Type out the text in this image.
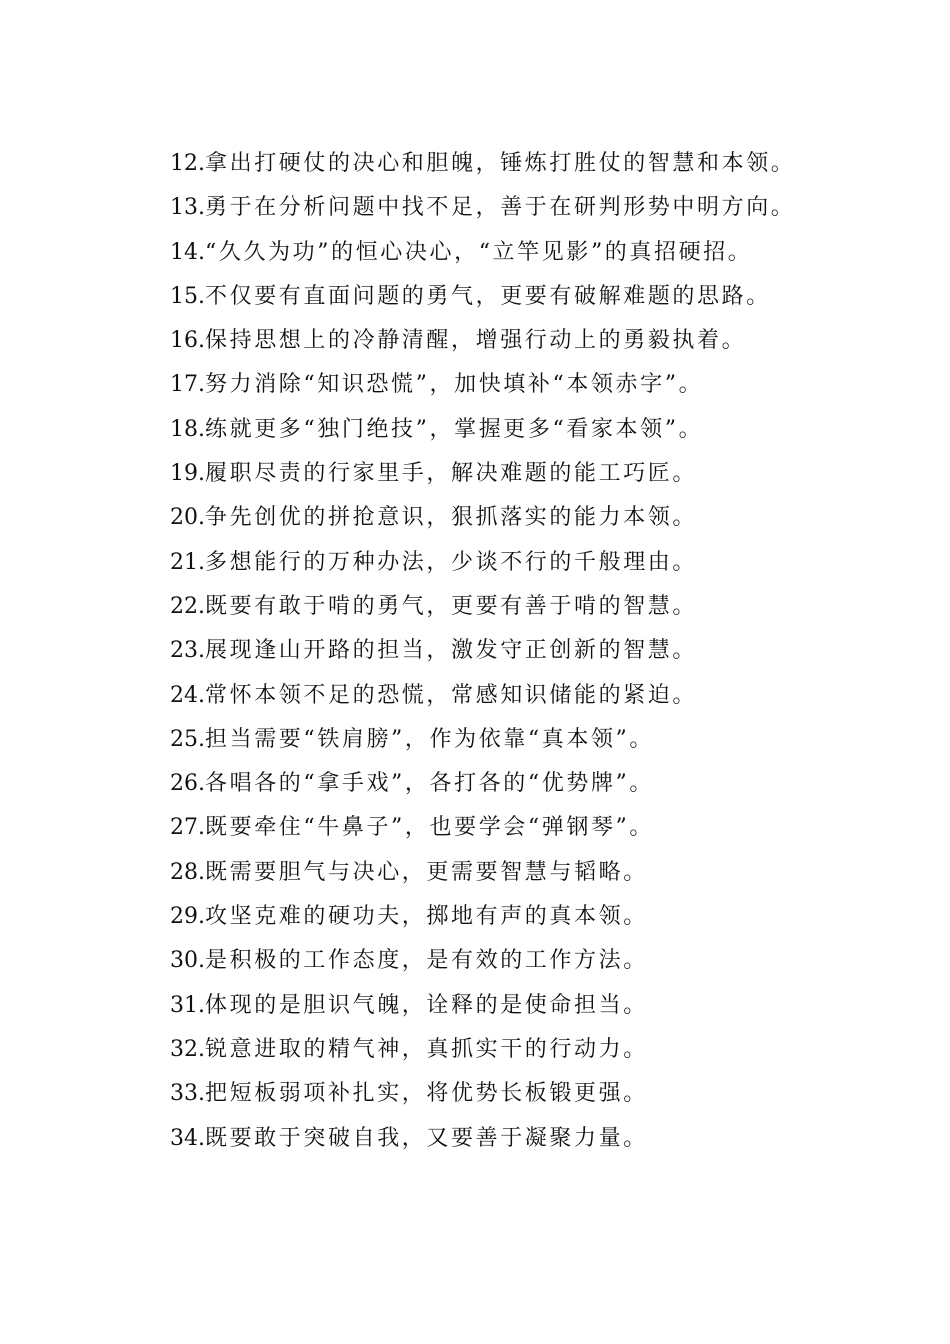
12.拿出打硬仗的决心和胆魄，锤炼打胜仗的智慧和本领。
13.勇于在分析问题中找不足，善于在研判形势中明方向。
14.“久久为功”的恒心决心，“立竿见影”的真招硬招。
15.不仅要有直面问题的勇气，更要有破解难题的思路。
16.保持思想上的冷静清醒，增强行动上的勇毅执着。
17.努力消除“知识恐慌”，加快填补“本领赤字”。
18.练就更多“独门绝技”，掌握更多“看家本领”。
19.履职尽责的行家里手，解决难题的能工巧匠。
20.争先创优的拼抢意识，狠抓落实的能力本领。
21.多想能行的万种办法，少谈不行的千般理由。
22.既要有敢于啃的勇气，更要有善于啃的智慧。
23.展现逢山开路的担当，激发守正创新的智慧。
24.常怀本领不足的恐慌，常感知识储能的紧迫。
25.担当需要“铁肩膀”，作为依靠“真本领”。
26.各唱各的“拿手戏”，各打各的“优势牌”。
27.既要牵住“牛鼻子”，也要学会“弹钢琴”。
28.既需要胆气与决心，更需要智慧与韬略。
29.攻坚克难的硬功夫，掷地有声的真本领。
30.是积极的工作态度，是有效的工作方法。
31.体现的是胆识气魄，诠释的是使命担当。
32.锐意进取的精气神，真抓实干的行动力。
33.把短板弱项补扎实，将优势长板锻更强。
34.既要敢于突破自我，又要善于凝聚力量。
